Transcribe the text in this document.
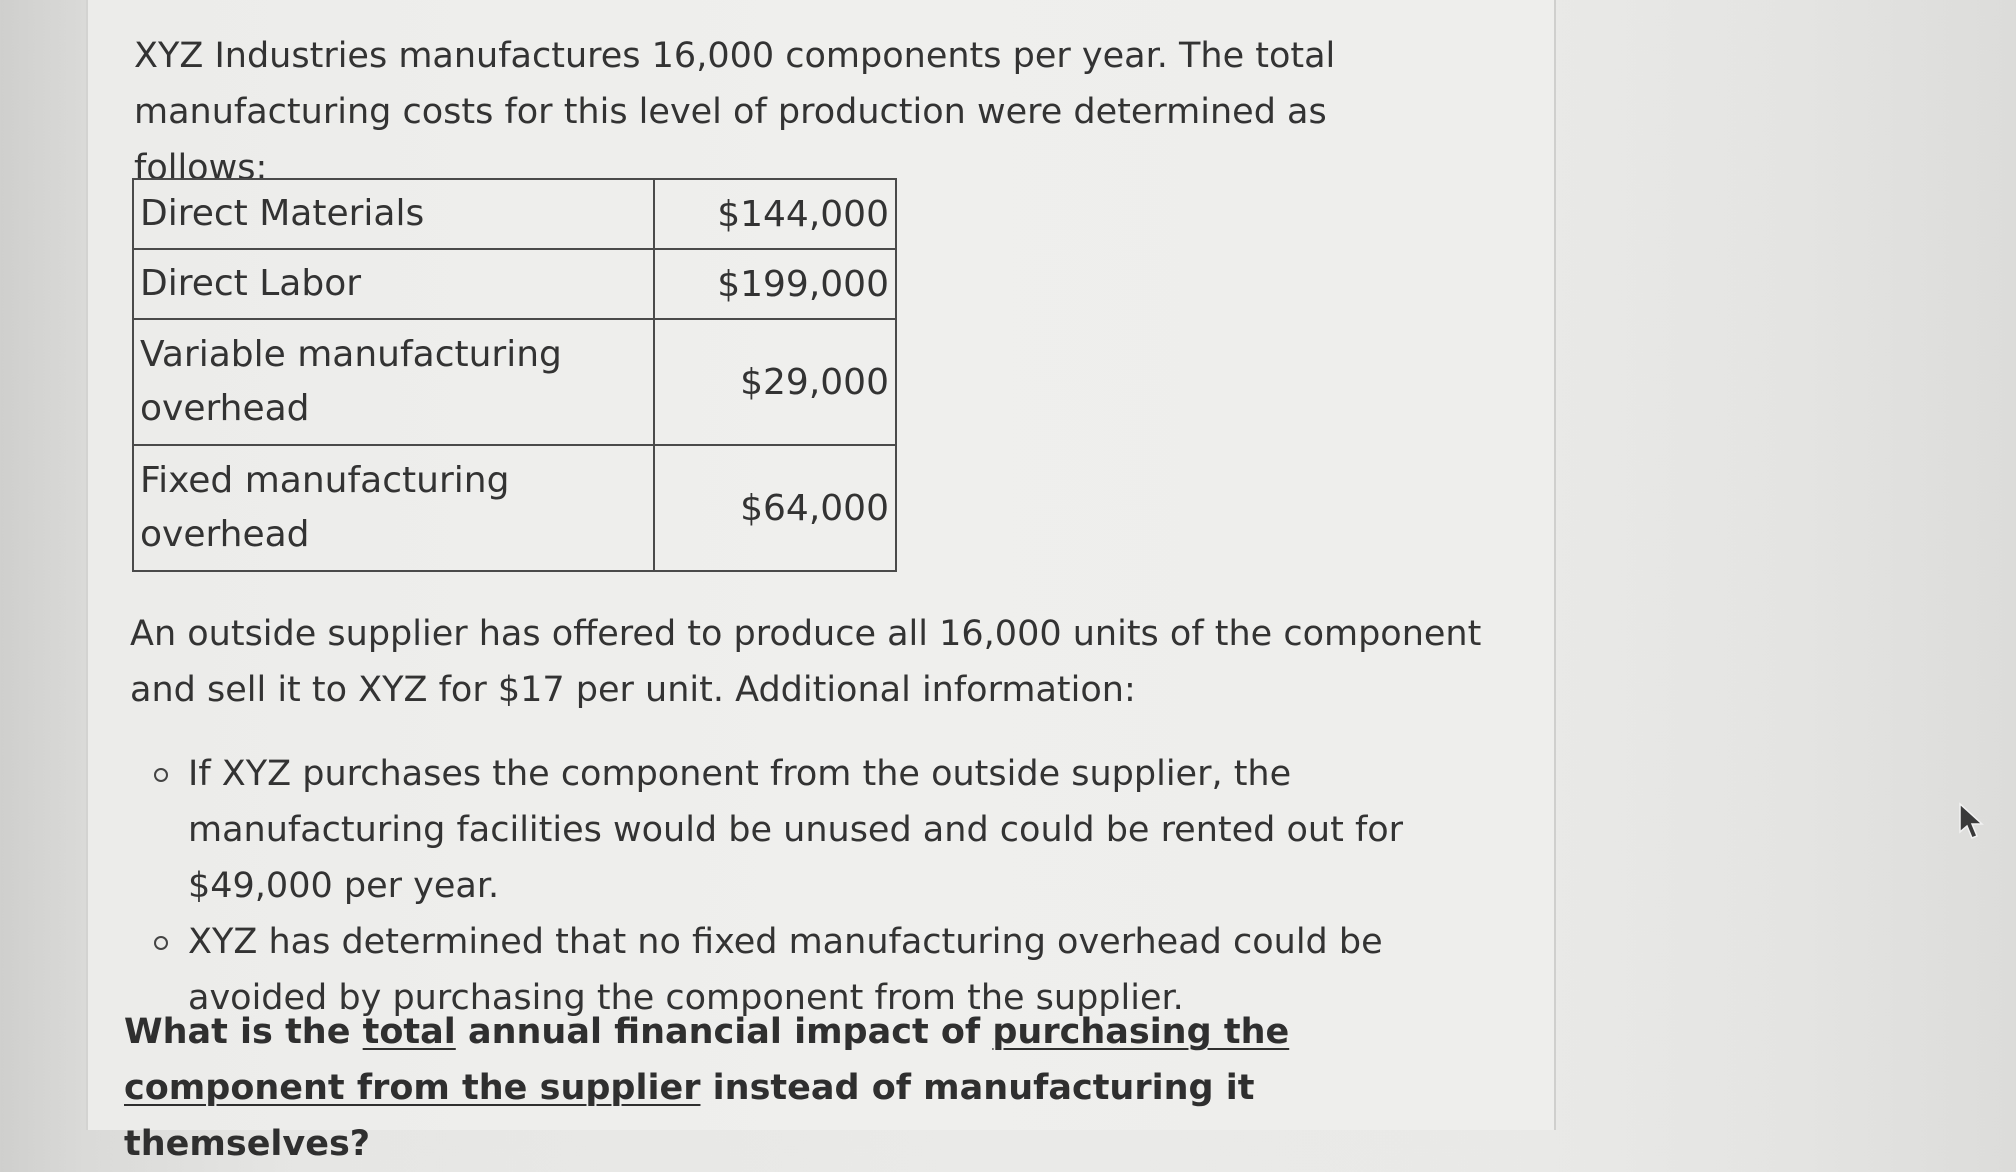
XYZ Industries manufactures 16,000 components per year. The total manufacturing costs for this level of production were determined as follows:

Direct Materials	$144,000
Direct Labor	$199,000
Variable manufacturing overhead	$29,000
Fixed manufacturing overhead	$64,000

An outside supplier has offered to produce all 16,000 units of the component and sell it to XYZ for $17 per unit. Additional information:

If XYZ purchases the component from the outside supplier, the manufacturing facilities would be unused and could be rented out for $49,000 per year.
XYZ has determined that no fixed manufacturing overhead could be avoided by purchasing the component from the supplier.

What is the total annual financial impact of purchasing the component from the supplier instead of manufacturing it themselves?
